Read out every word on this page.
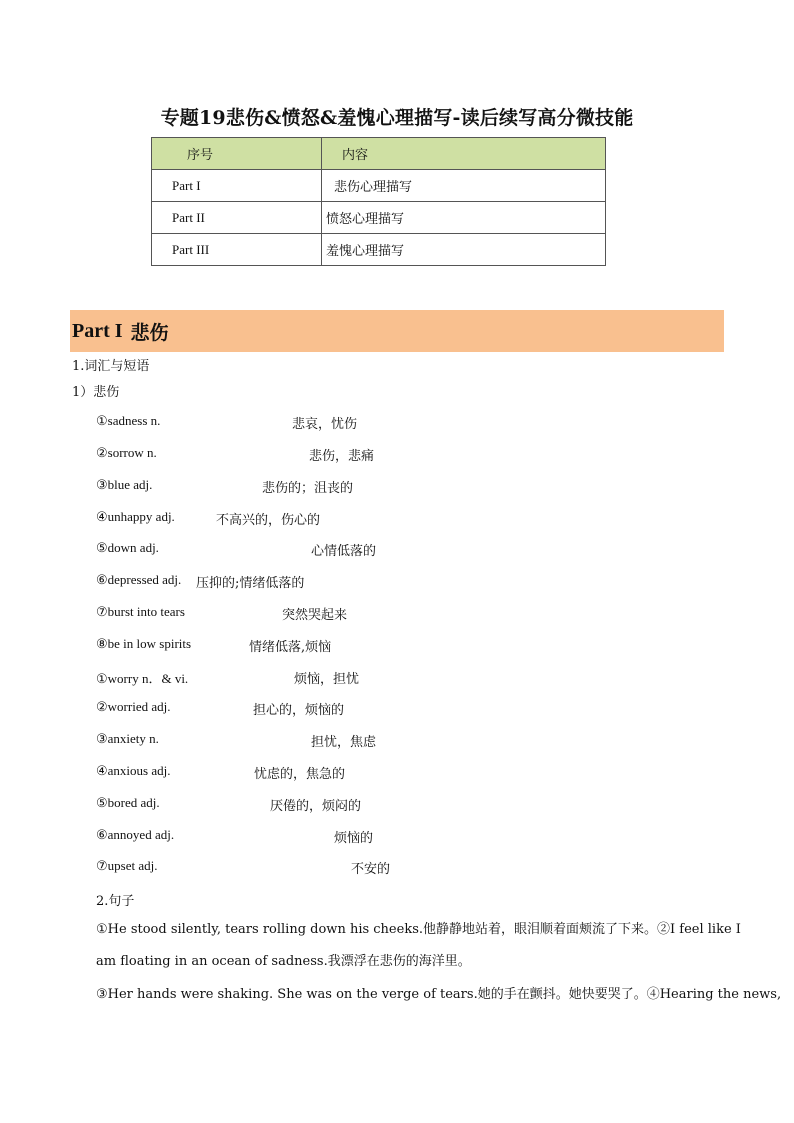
专题19悲伤&愤怒&羞愧心理描写-读后续写高分微技能
序号	内容
Part I	悲伤心理描写
Part II	愤怒心理描写
Part III	羞愧心理描写
Part I 悲伤
1.词汇与短语
1）悲伤
①sadness n.	悲哀，忧伤
②sorrow n.	悲伤，悲痛
③blue adj.	悲伤的；沮丧的
④unhappy adj.	不高兴的，伤心的
⑤down adj.	心情低落的
⑥depressed adj. 压抑的;情绪低落的
⑦burst into tears	突然哭起来
⑧be in low spirits	情绪低落,烦恼
①worry n．& vi.	烦恼，担忧
②worried adj.	担心的，烦恼的
③anxiety n.	担忧，焦虑
④anxious adj.	忧虑的，焦急的
⑤bored adj.	厌倦的，烦闷的
⑥annoyed adj.	烦恼的
⑦upset adj.	不安的
2.句子
①He stood silently, tears rolling down his cheeks.他静静地站着，眼泪顺着面颊流了下来。②I feel like I
am floating in an ocean of sadness.我漂浮在悲伤的海洋里。
③Her hands were shaking. She was on the verge of tears.她的手在颤抖。她快要哭了。④Hearing the news,
